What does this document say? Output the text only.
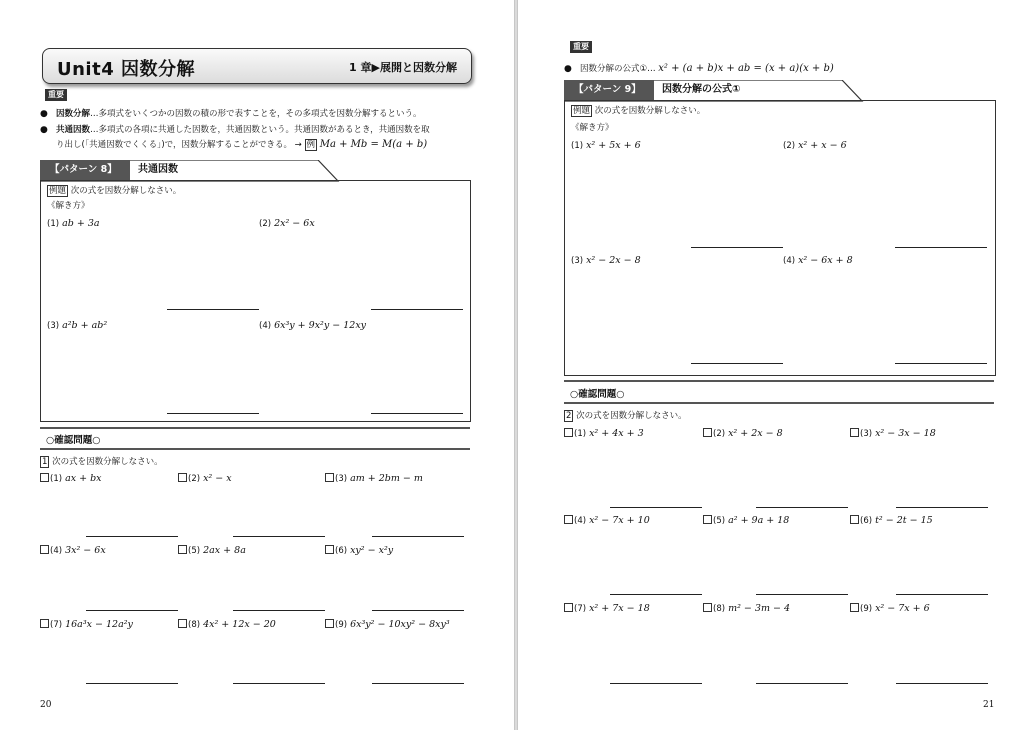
Unit4 因数分解	1 章▶展開と因数分解
重要
● 因数分解…多項式をいくつかの因数の積の形で表すことを，その多項式を因数分解するという。
● 共通因数…多項式の各項に共通した因数を，共通因数という。共通因数があるとき，共通因数を取
り出し(「共通因数でくくる」)で，因数分解することができる。 → 例 Ma + Mb = M(a + b)
【パターン 8】	共通因数
例題 次の式を因数分解しなさい。
《解き方》
(1) ab + 3a	(2) 2x² − 6x
(3) a²b + ab²	(4) 6x³y + 9x²y − 12xy
○確認問題○
1 次の式を因数分解しなさい。
(1) ax + bx	(2) x² − x	(3) am + 2bm − m
(4) 3x² − 6x	(5) 2ax + 8a	(6) xy² − x²y
(7) 16a³x − 12a²y	(8) 4x² + 12x − 20	(9) 6x³y² − 10xy² − 8xy³
20
重要
● 因数分解の公式①… x² + (a + b)x + ab = (x + a)(x + b)
【パターン 9】	因数分解の公式①
例題 次の式を因数分解しなさい。
《解き方》
(1) x² + 5x + 6	(2) x² + x − 6
(3) x² − 2x − 8	(4) x² − 6x + 8
○確認問題○
2 次の式を因数分解しなさい。
(1) x² + 4x + 3	(2) x² + 2x − 8	(3) x² − 3x − 18
(4) x² − 7x + 10	(5) a² + 9a + 18	(6) t² − 2t − 15
(7) x² + 7x − 18	(8) m² − 3m − 4	(9) x² − 7x + 6
21
